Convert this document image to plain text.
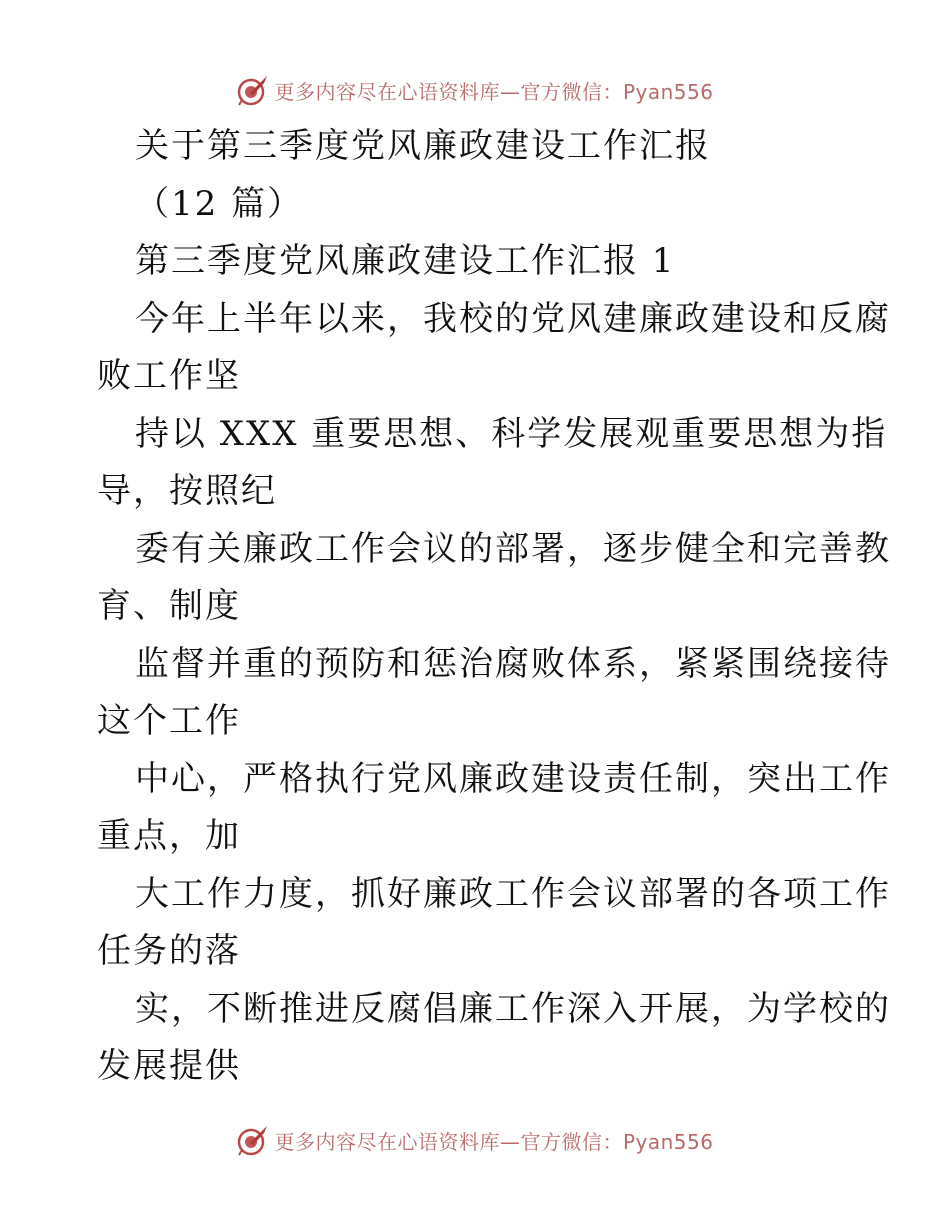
更多内容尽在心语资料库—官方微信：Pyan556
关于第三季度党风廉政建设工作汇报
（12 篇）
第三季度党风廉政建设工作汇报 1
今年上半年以来，我校的党风建廉政建设和反腐
败工作坚
持以 XXX 重要思想、科学发展观重要思想为指
导，按照纪
委有关廉政工作会议的部署，逐步健全和完善教
育、制度
监督并重的预防和惩治腐败体系，紧紧围绕接待
这个工作
中心，严格执行党风廉政建设责任制，突出工作
重点，加
大工作力度，抓好廉政工作会议部署的各项工作
任务的落
实，不断推进反腐倡廉工作深入开展，为学校的
发展提供
更多内容尽在心语资料库—官方微信：Pyan556
